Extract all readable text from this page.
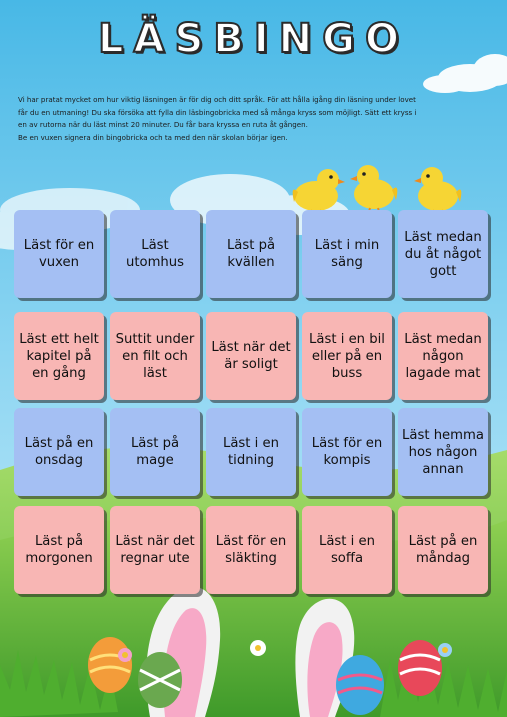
LÄSBINGO

Vi har pratat mycket om hur viktig läsningen är för dig och ditt språk. För att hålla igång din läsning under lovet

får du en utmaning! Du ska försöka att fylla din läsbingobricka med så många kryss som möjligt. Sätt ett kryss i

en av rutorna när du läst minst 20 minuter. Du får bara kryssa en ruta åt gången.

Be en vuxen signera din bingobricka och ta med den när skolan börjar igen.

Läst för en vuxen
Läst utomhus
Läst på kvällen
Läst i min säng
Läst medan du åt något gott
Läst ett helt kapitel på en gång
Suttit under en filt och läst
Läst när det är soligt
Läst i en bil eller på en buss
Läst medan någon lagade mat
Läst på en onsdag
Läst på mage
Läst i en tidning
Läst för en kompis
Läst hemma hos någon annan
Läst på morgonen
Läst när det regnar ute
Läst för en släkting
Läst i en soffa
Läst på en måndag
